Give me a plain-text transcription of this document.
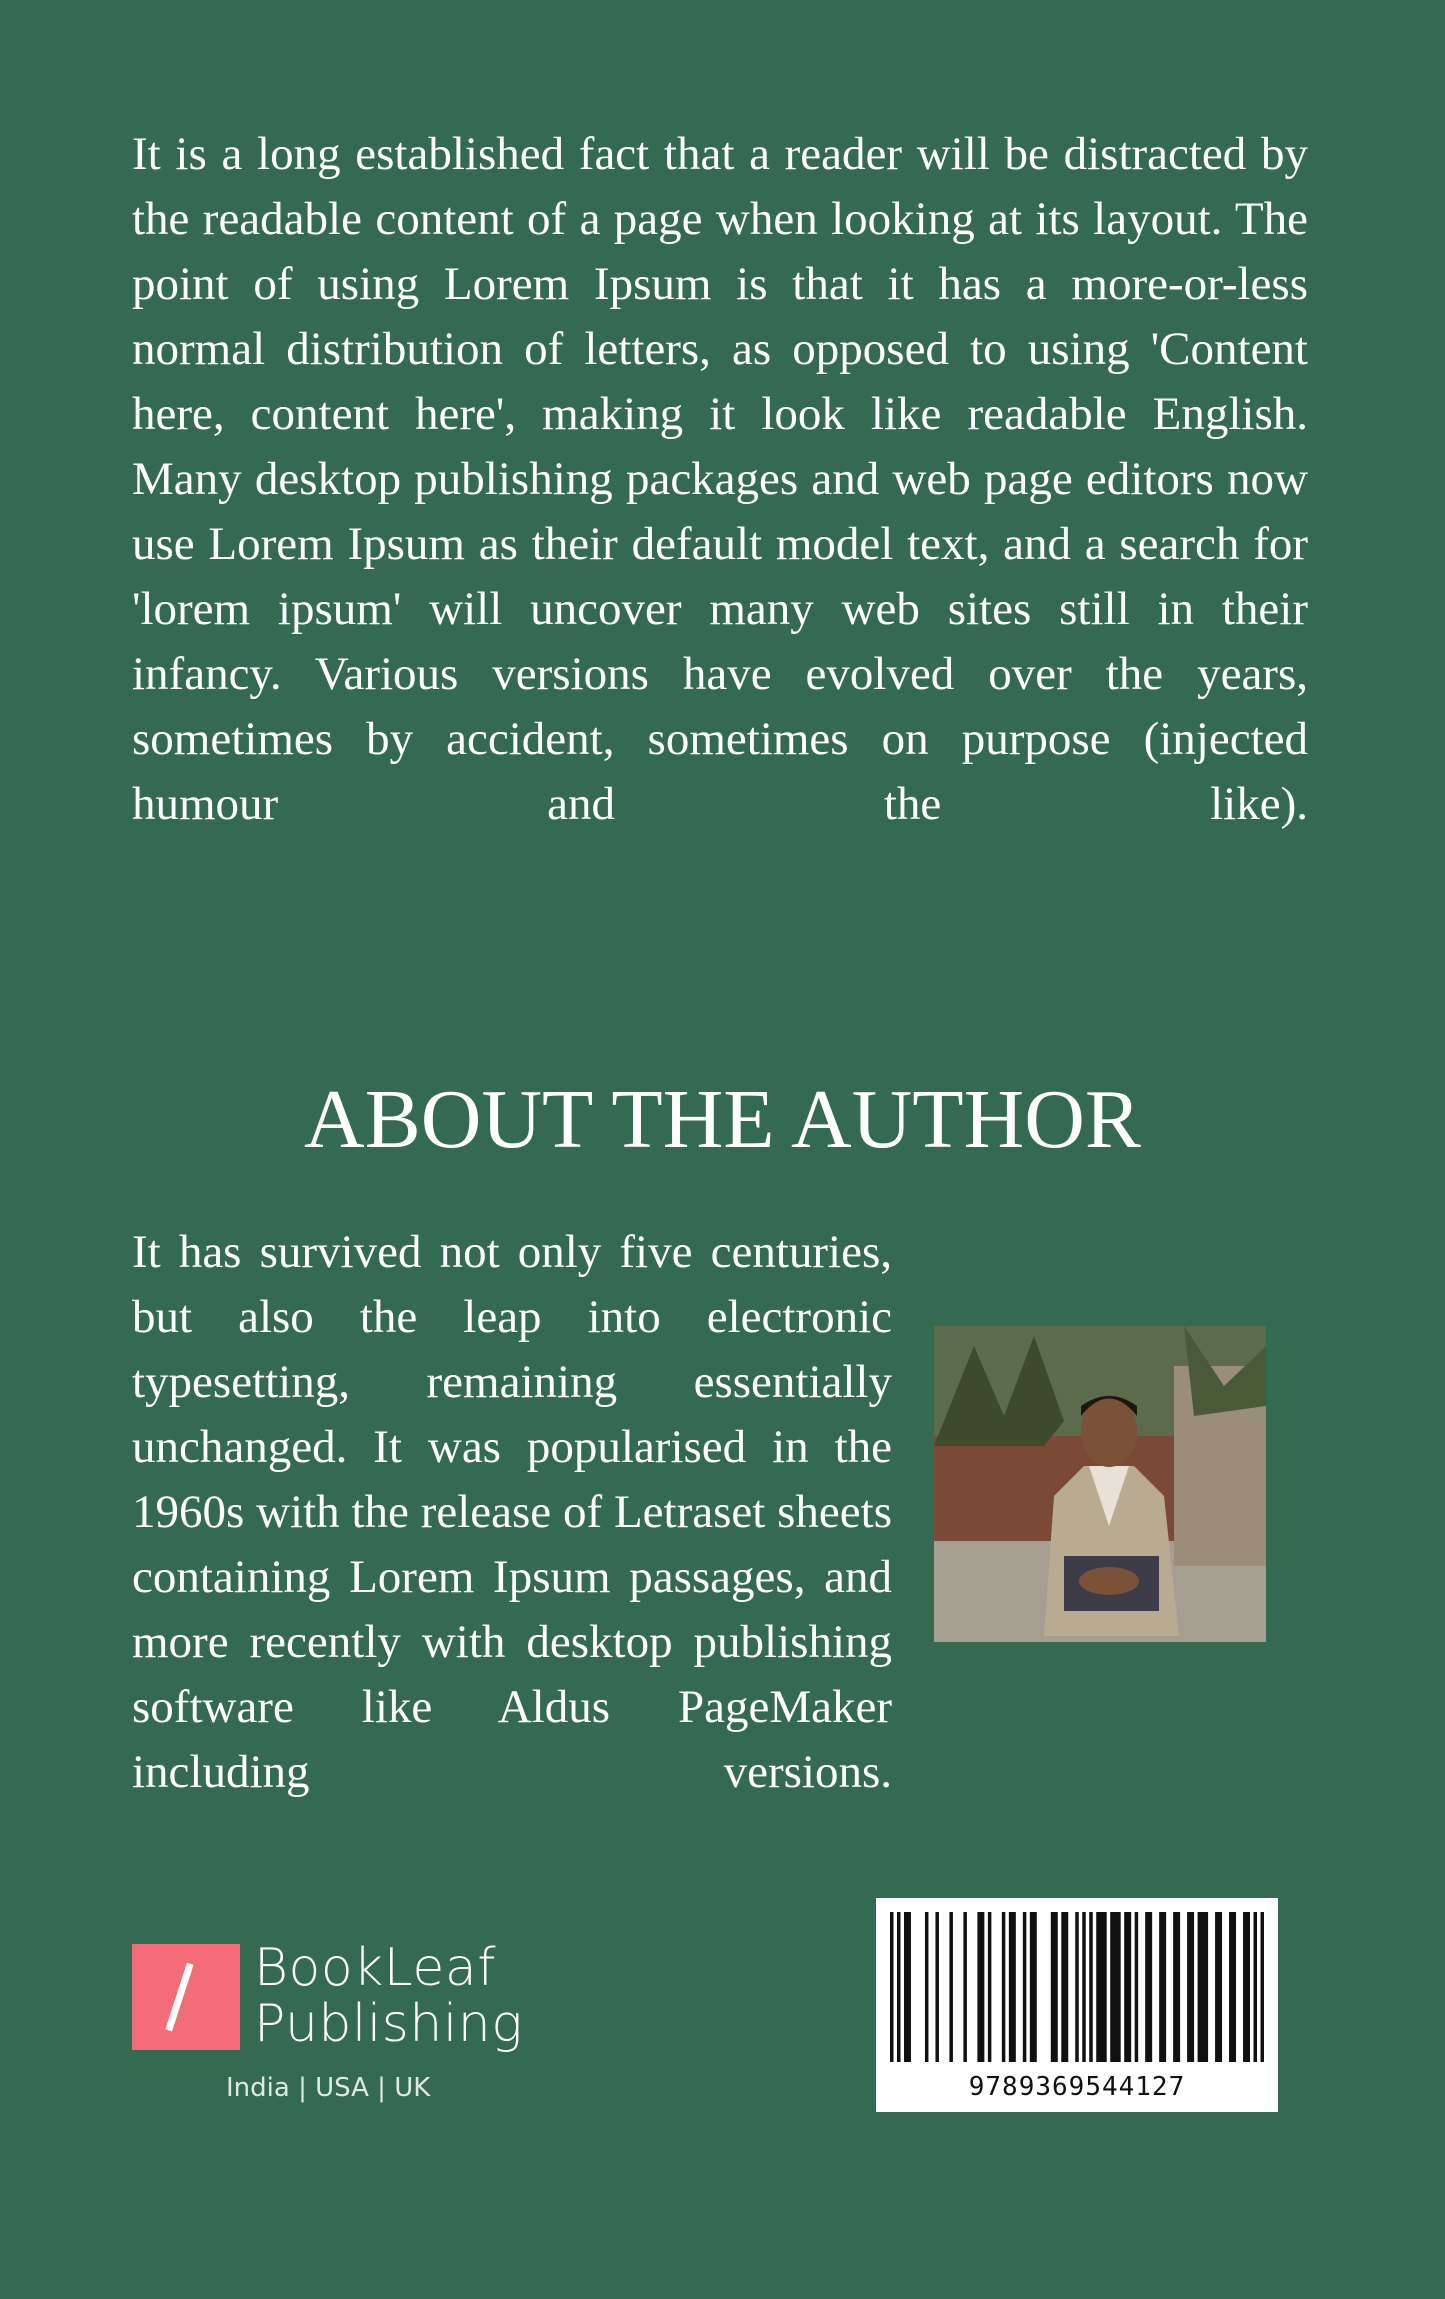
It is a long established fact that a reader will be distracted by the readable content of a page when looking at its layout. The point of using Lorem Ipsum is that it has a more-or-less normal distribution of letters, as opposed to using 'Content here, content here', making it look like readable English. Many desktop publishing packages and web page editors now use Lorem Ipsum as their default model text, and a search for 'lorem ipsum' will uncover many web sites still in their infancy. Various versions have evolved over the years, sometimes by accident, sometimes on purpose (injected humour and the like).

ABOUT THE AUTHOR

It has survived not only five centuries, but also the leap into electronic typesetting, remaining essentially unchanged. It was popularised in the 1960s with the release of Letraset sheets containing Lorem Ipsum passages, and more recently with desktop publishing software like Aldus PageMaker including versions.

BookLeaf
Publishing
India | USA | UK	9789369544127
